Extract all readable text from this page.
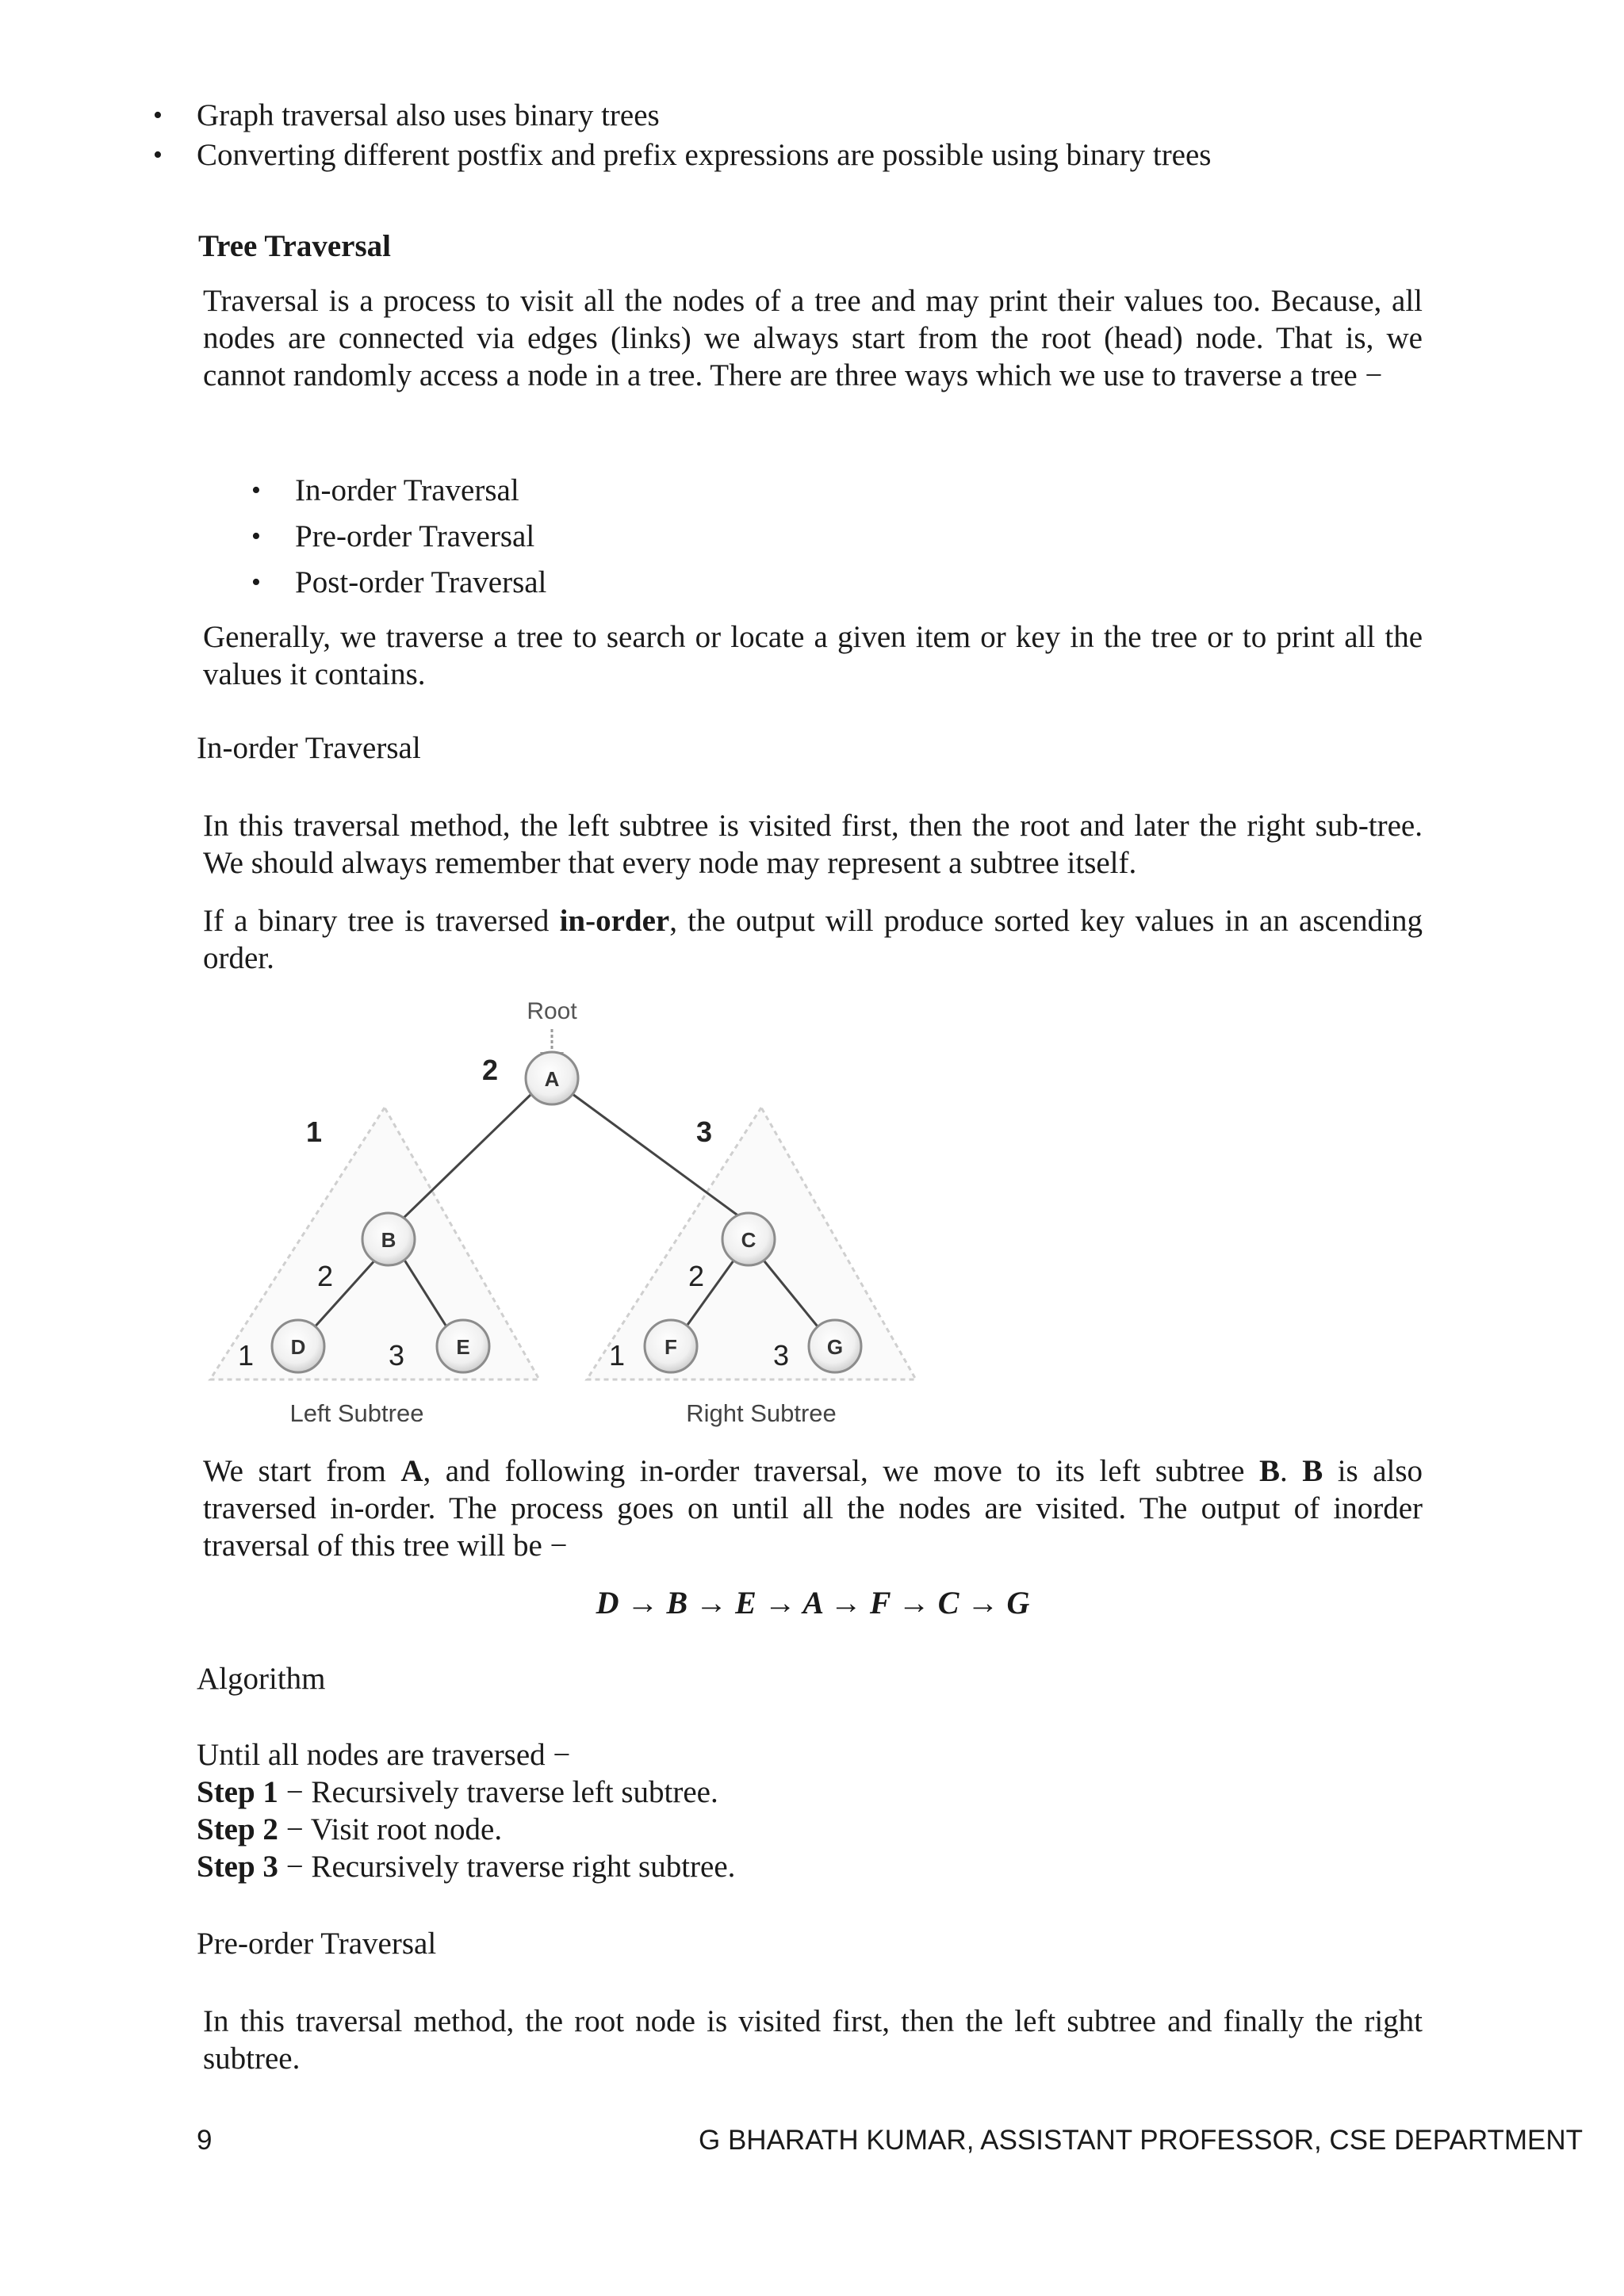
• Graph traversal also uses binary trees
• Converting different postfix and prefix expressions are possible using binary trees
Tree Traversal
Traversal is a process to visit all the nodes of a tree and may print their values too. Because, all nodes are connected via edges (links) we always start from the root (head) node. That is, we cannot randomly access a node in a tree. There are three ways which we use to traverse a tree −
• In-order Traversal
• Pre-order Traversal
• Post-order Traversal
Generally, we traverse a tree to search or locate a given item or key in the tree or to print all the values it contains.
In-order Traversal
In this traversal method, the left subtree is visited first, then the root and later the right sub-tree. We should always remember that every node may represent a subtree itself.
If a binary tree is traversed in-order, the output will produce sorted key values in an ascending order.
Root
A
B	C
D	E	F	G
2
1	3
2
1	3
2
1	3
Left Subtree	Right Subtree
We start from A, and following in-order traversal, we move to its left subtree B. B is also traversed in-order. The process goes on until all the nodes are visited. The output of inorder traversal of this tree will be −
D → B → E → A → F → C → G
Algorithm
Until all nodes are traversed −
Step 1 − Recursively traverse left subtree.
Step 2 − Visit root node.
Step 3 − Recursively traverse right subtree.
Pre-order Traversal
In this traversal method, the root node is visited first, then the left subtree and finally the right subtree.
9	G BHARATH KUMAR, ASSISTANT PROFESSOR, CSE DEPARTMENT
